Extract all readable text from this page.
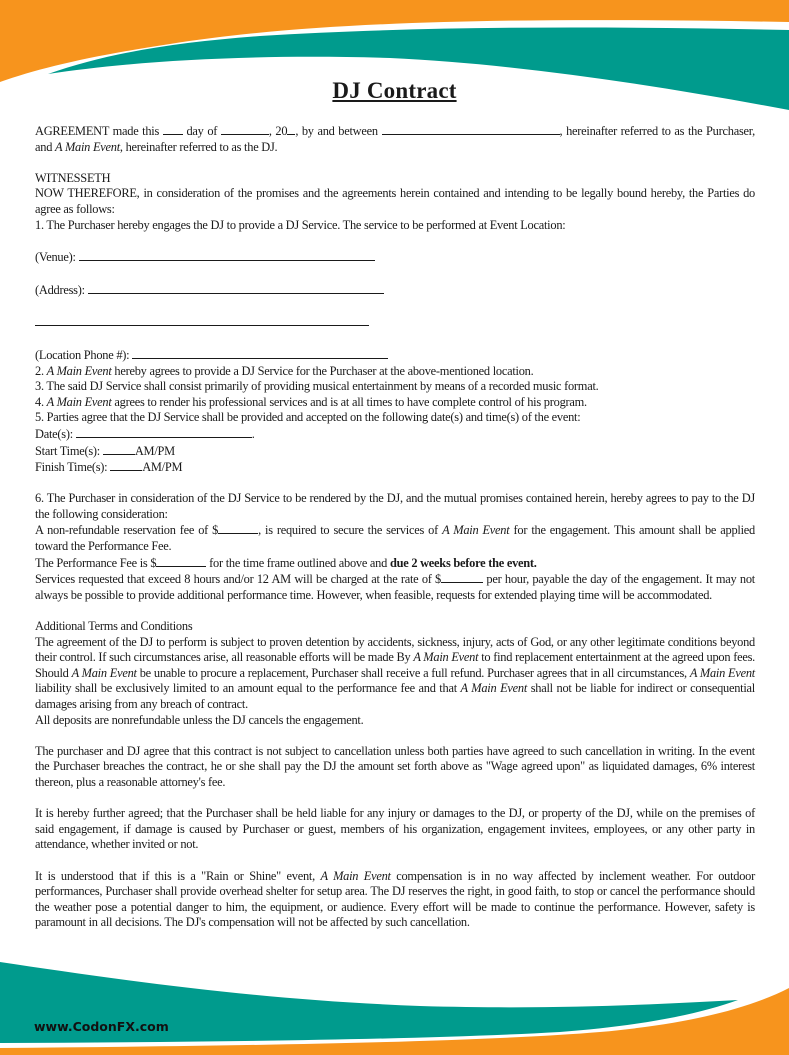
DJ Contract

AGREEMENT made this  day of	, 20 , by and between	, hereinafter referred to as the Purchaser, and A Main Event, hereinafter referred to as the DJ.

WITNESSETH

NOW THEREFORE, in consideration of the promises and the agreements herein contained and intending to be legally bound hereby, the Parties do agree as follows:

1. The Purchaser hereby engages the DJ to provide a DJ Service. The service to be performed at Event Location:

(Venue):

(Address):

(Location Phone #):

2. A Main Event hereby agrees to provide a DJ Service for the Purchaser at the above-mentioned location.

3. The said DJ Service shall consist primarily of providing musical entertainment by means of a recorded music format.

4. A Main Event agrees to render his professional services and is at all times to have complete control of his program.

5. Parties agree that the DJ Service shall be provided and accepted on the following date(s) and time(s) of the event:

Date(s):	.

Start Time(s):	AM/PM

Finish Time(s):	AM/PM

6. The Purchaser in consideration of the DJ Service to be rendered by the DJ, and the mutual promises contained herein, hereby agrees to pay to the DJ the following consideration:

A non-refundable reservation fee of $	, is required to secure the services of A Main Event for the engagement. This amount shall be applied toward the Performance Fee.

The Performance Fee is $	for the time frame outlined above and due 2 weeks before the event.

Services requested that exceed 8 hours and/or 12 AM will be charged at the rate of $	per hour, payable the day of the engagement. It may not always be possible to provide additional performance time. However, when feasible, requests for extended playing time will be accommodated.

Additional Terms and Conditions

The agreement of the DJ to perform is subject to proven detention by accidents, sickness, injury, acts of God, or any other legitimate conditions beyond their control. If such circumstances arise, all reasonable efforts will be made By A Main Event to find replacement entertainment at the agreed upon fees. Should A Main Event be unable to procure a replacement, Purchaser shall receive a full refund. Purchaser agrees that in all circumstances, A Main Event liability shall be exclusively limited to an amount equal to the performance fee and that A Main Event shall not be liable for indirect or consequential damages arising from any breach of contract.

All deposits are nonrefundable unless the DJ cancels the engagement.

The purchaser and DJ agree that this contract is not subject to cancellation unless both parties have agreed to such cancellation in writing. In the event the Purchaser breaches the contract, he or she shall pay the DJ the amount set forth above as "Wage agreed upon" as liquidated damages, 6% interest thereon, plus a reasonable attorney's fee.

It is hereby further agreed; that the Purchaser shall be held liable for any injury or damages to the DJ, or property of the DJ, while on the premises of said engagement, if damage is caused by Purchaser or guest, members of his organization, engagement invitees, employees, or any other party in attendance, whether invited or not.

It is understood that if this is a "Rain or Shine" event, A Main Event compensation is in no way affected by inclement weather. For outdoor performances, Purchaser shall provide overhead shelter for setup area. The DJ reserves the right, in good faith, to stop or cancel the performance should the weather pose a potential danger to him, the equipment, or audience. Every effort will be made to continue the performance. However, safety is paramount in all decisions. The DJ's compensation will not be affected by such cancellation.

www.CodonFX.com
